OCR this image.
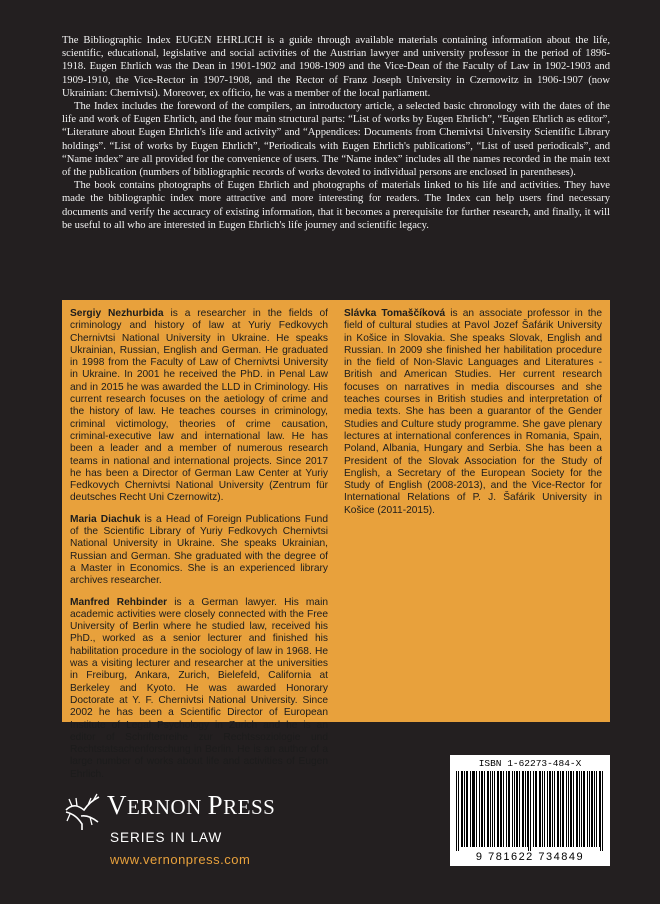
The Bibliographic Index EUGEN EHRLICH is a guide through available materials containing information about the life, scientific, educational, legislative and social activities of the Austrian lawyer and university professor in the period of 1896-1918. Eugen Ehrlich was the Dean in 1901-1902 and 1908-1909 and the Vice-Dean of the Faculty of Law in 1902-1903 and 1909-1910, the Vice-Rector in 1907-1908, and the Rector of Franz Joseph University in Czernowitz in 1906-1907 (now Ukrainian: Chernivtsi). Moreover, ex officio, he was a member of the local parliament.

The Index includes the foreword of the compilers, an introductory article, a selected basic chronology with the dates of the life and work of Eugen Ehrlich, and the four main structural parts: “List of works by Eugen Ehrlich”, “Eugen Ehrlich as editor”, “Literature about Eugen Ehrlich's life and activity” and “Appendices: Documents from Chernivtsi University Scientific Library holdings”. “List of works by Eugen Ehrlich”, “Periodicals with Eugen Ehrlich's publications”, “List of used periodicals”, and “Name index” are all provided for the convenience of users. The “Name index” includes all the names recorded in the main text of the publication (numbers of bibliographic records of works devoted to individual persons are enclosed in parentheses).

The book contains photographs of Eugen Ehrlich and photographs of materials linked to his life and activities. They have made the bibliographic index more attractive and more interesting for readers. The Index can help users find necessary documents and verify the accuracy of existing information, that it becomes a prerequisite for further research, and finally, it will be useful to all who are interested in Eugen Ehrlich's life journey and scientific legacy.

Sergiy Nezhurbida is a researcher in the fields of criminology and history of law at Yuriy Fedkovych Chernivtsi National University in Ukraine. He speaks Ukrainian, Russian, English and German. He graduated in 1998 from the Faculty of Law of Chernivtsi University in Ukraine. In 2001 he received the PhD. in Penal Law and in 2015 he was awarded the LLD in Criminology. His current research focuses on the aetiology of crime and the history of law. He teaches courses in criminology, criminal victimology, theories of crime causation, criminal-executive law and international law. He has been a leader and a member of numerous research teams in national and international projects. Since 2017 he has been a Director of German Law Center at Yuriy Fedkovych Chernivtsi National University (Zentrum für deutsches Recht Uni Czernowitz).

Maria Diachuk is a Head of Foreign Publications Fund of the Scientific Library of Yuriy Fedkovych Chernivtsi National University in Ukraine. She speaks Ukrainian, Russian and German. She graduated with the degree of a Master in Economics. She is an experienced library archives researcher.

Manfred Rehbinder is a German lawyer. His main academic activities were closely connected with the Free University of Berlin where he studied law, received his PhD., worked as a senior lecturer and finished his habilitation procedure in the sociology of law in 1968. He was a visiting lecturer and researcher at the universities in Freiburg, Ankara, Zurich, Bielefeld, California at Berkeley and Kyoto. He was awarded Honorary Doctorate at Y. F. Chernivtsi National University. Since 2002 he has been a Scientific Director of European Institute of Legal Psychology in Zurich and he is an editor of Schriftenreihe zur Rechtssoziologie und Rechtstatsachenforschung in Berlin. He is an author of a large number of works about life and activities of Eugen Ehrlich.

Slávka Tomaščíková is an associate professor in the field of cultural studies at Pavol Jozef Šafárik University in Košice in Slovakia. She speaks Slovak, English and Russian. In 2009 she finished her habilitation procedure in the field of Non-Slavic Languages and Literatures - British and American Studies. Her current research focuses on narratives in media discourses and she teaches courses in British studies and interpretation of media texts. She has been a guarantor of the Gender Studies and Culture study programme. She gave plenary lectures at international conferences in Romania, Spain, Poland, Albania, Hungary and Serbia. She has been a President of the Slovak Association for the Study of English, a Secretary of the European Society for the Study of English (2008-2013), and the Vice-Rector for International Relations of P. J. Šafárik University in Košice (2011-2015).

ISBN 1-62273-484-X
9 781622 734849
VERNON PRESS
SERIES IN LAW
www.vernonpress.com
